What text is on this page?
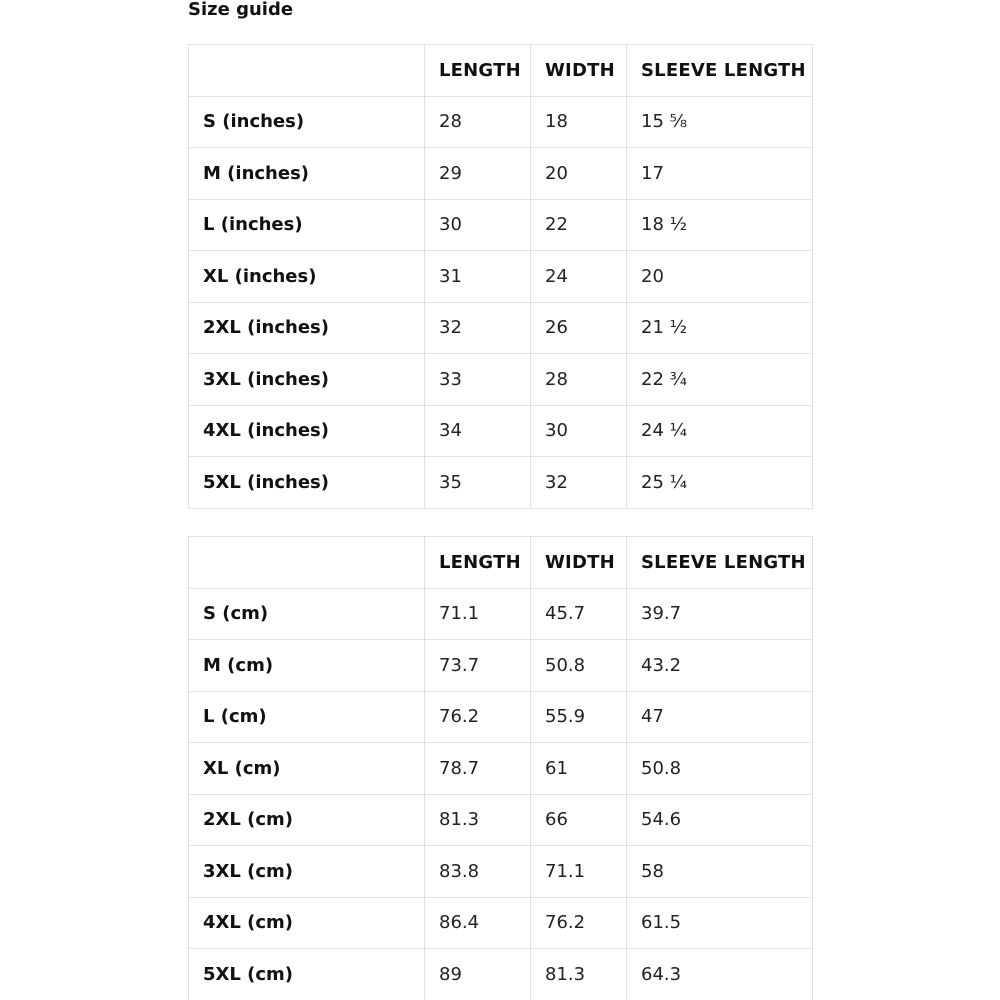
Size guide
	LENGTH	WIDTH	SLEEVE LENGTH
S (inches)	28	18	15 ⅝
M (inches)	29	20	17
L (inches)	30	22	18 ½
XL (inches)	31	24	20
2XL (inches)	32	26	21 ½
3XL (inches)	33	28	22 ¾
4XL (inches)	34	30	24 ¼
5XL (inches)	35	32	25 ¼
	LENGTH	WIDTH	SLEEVE LENGTH
S (cm)	71.1	45.7	39.7
M (cm)	73.7	50.8	43.2
L (cm)	76.2	55.9	47
XL (cm)	78.7	61	50.8
2XL (cm)	81.3	66	54.6
3XL (cm)	83.8	71.1	58
4XL (cm)	86.4	76.2	61.5
5XL (cm)	89	81.3	64.3
